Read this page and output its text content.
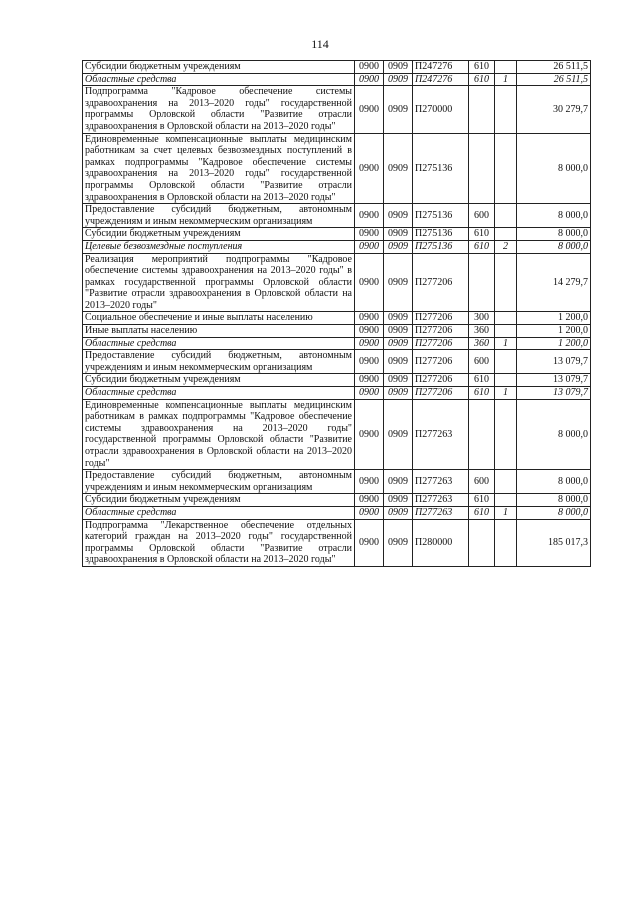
114
Субсидии бюджетным учреждениям	0900	0909	П247276	610		26 511,5
Областные средства	0900	0909	П247276	610	1	26 511,5
Подпрограмма "Кадровое обеспечение системы здравоохранения на 2013–2020 годы" государственной программы Орловской области "Развитие отрасли здравоохранения в Орловской области на 2013–2020 годы"	0900	0909	П270000			30 279,7
Единовременные компенсационные выплаты медицинским работникам за счет целевых безвозмездных поступлений в рамках подпрограммы "Кадровое обеспечение системы здравоохранения на 2013–2020 годы" государственной программы Орловской области "Развитие отрасли здравоохранения в Орловской области на 2013–2020 годы"	0900	0909	П275136			8 000,0
Предоставление субсидий бюджетным, автономным учреждениям и иным некоммерческим организациям	0900	0909	П275136	600		8 000,0
Субсидии бюджетным учреждениям	0900	0909	П275136	610		8 000,0
Целевые безвозмездные поступления	0900	0909	П275136	610	2	8 000,0
Реализация мероприятий подпрограммы "Кадровое обеспечение системы здравоохранения на 2013–2020 годы" в рамках государственной программы Орловской области "Развитие отрасли здравоохранения в Орловской области на 2013–2020 годы"	0900	0909	П277206			14 279,7
Социальное обеспечение и иные выплаты населению	0900	0909	П277206	300		1 200,0
Иные выплаты населению	0900	0909	П277206	360		1 200,0
Областные средства	0900	0909	П277206	360	1	1 200,0
Предоставление субсидий бюджетным, автономным учреждениям и иным некоммерческим организациям	0900	0909	П277206	600		13 079,7
Субсидии бюджетным учреждениям	0900	0909	П277206	610		13 079,7
Областные средства	0900	0909	П277206	610	1	13 079,7
Единовременные компенсационные выплаты медицинским работникам в рамках подпрограммы "Кадровое обеспечение системы здравоохранения на 2013–2020 годы" государственной программы Орловской области "Развитие отрасли здравоохранения в Орловской области на 2013–2020 годы"	0900	0909	П277263			8 000,0
Предоставление субсидий бюджетным, автономным учреждениям и иным некоммерческим организациям	0900	0909	П277263	600		8 000,0
Субсидии бюджетным учреждениям	0900	0909	П277263	610		8 000,0
Областные средства	0900	0909	П277263	610	1	8 000,0
Подпрограмма "Лекарственное обеспечение отдельных категорий граждан на 2013–2020 годы" государственной программы Орловской области "Развитие отрасли здравоохранения в Орловской области на 2013–2020 годы"	0900	0909	П280000			185 017,3
